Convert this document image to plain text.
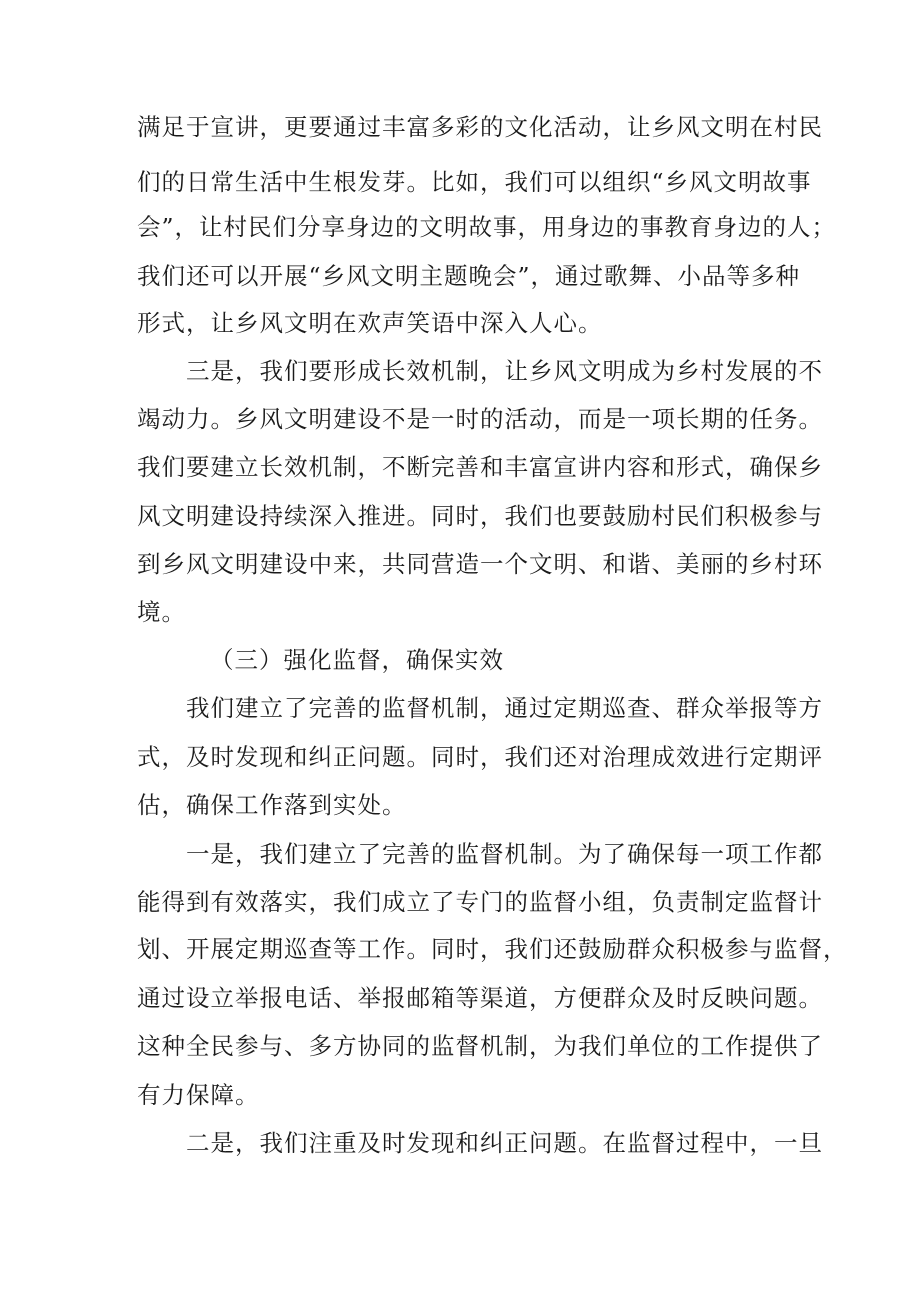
满足于宣讲，更要通过丰富多彩的文化活动，让乡风文明在村民

们的日常生活中生根发芽。比如，我们可以组织“乡风文明故事

会”，让村民们分享身边的文明故事，用身边的事教育身边的人；

我们还可以开展“乡风文明主题晚会”，通过歌舞、小品等多种

形式，让乡风文明在欢声笑语中深入人心。

三是，我们要形成长效机制，让乡风文明成为乡村发展的不

竭动力。乡风文明建设不是一时的活动，而是一项长期的任务。

我们要建立长效机制，不断完善和丰富宣讲内容和形式，确保乡

风文明建设持续深入推进。同时，我们也要鼓励村民们积极参与

到乡风文明建设中来，共同营造一个文明、和谐、美丽的乡村环

境。

（三）强化监督，确保实效

我们建立了完善的监督机制，通过定期巡查、群众举报等方

式，及时发现和纠正问题。同时，我们还对治理成效进行定期评

估，确保工作落到实处。

一是，我们建立了完善的监督机制。为了确保每一项工作都

能得到有效落实，我们成立了专门的监督小组，负责制定监督计

划、开展定期巡查等工作。同时，我们还鼓励群众积极参与监督，

通过设立举报电话、举报邮箱等渠道，方便群众及时反映问题。

这种全民参与、多方协同的监督机制，为我们单位的工作提供了

有力保障。

二是，我们注重及时发现和纠正问题。在监督过程中，一旦
